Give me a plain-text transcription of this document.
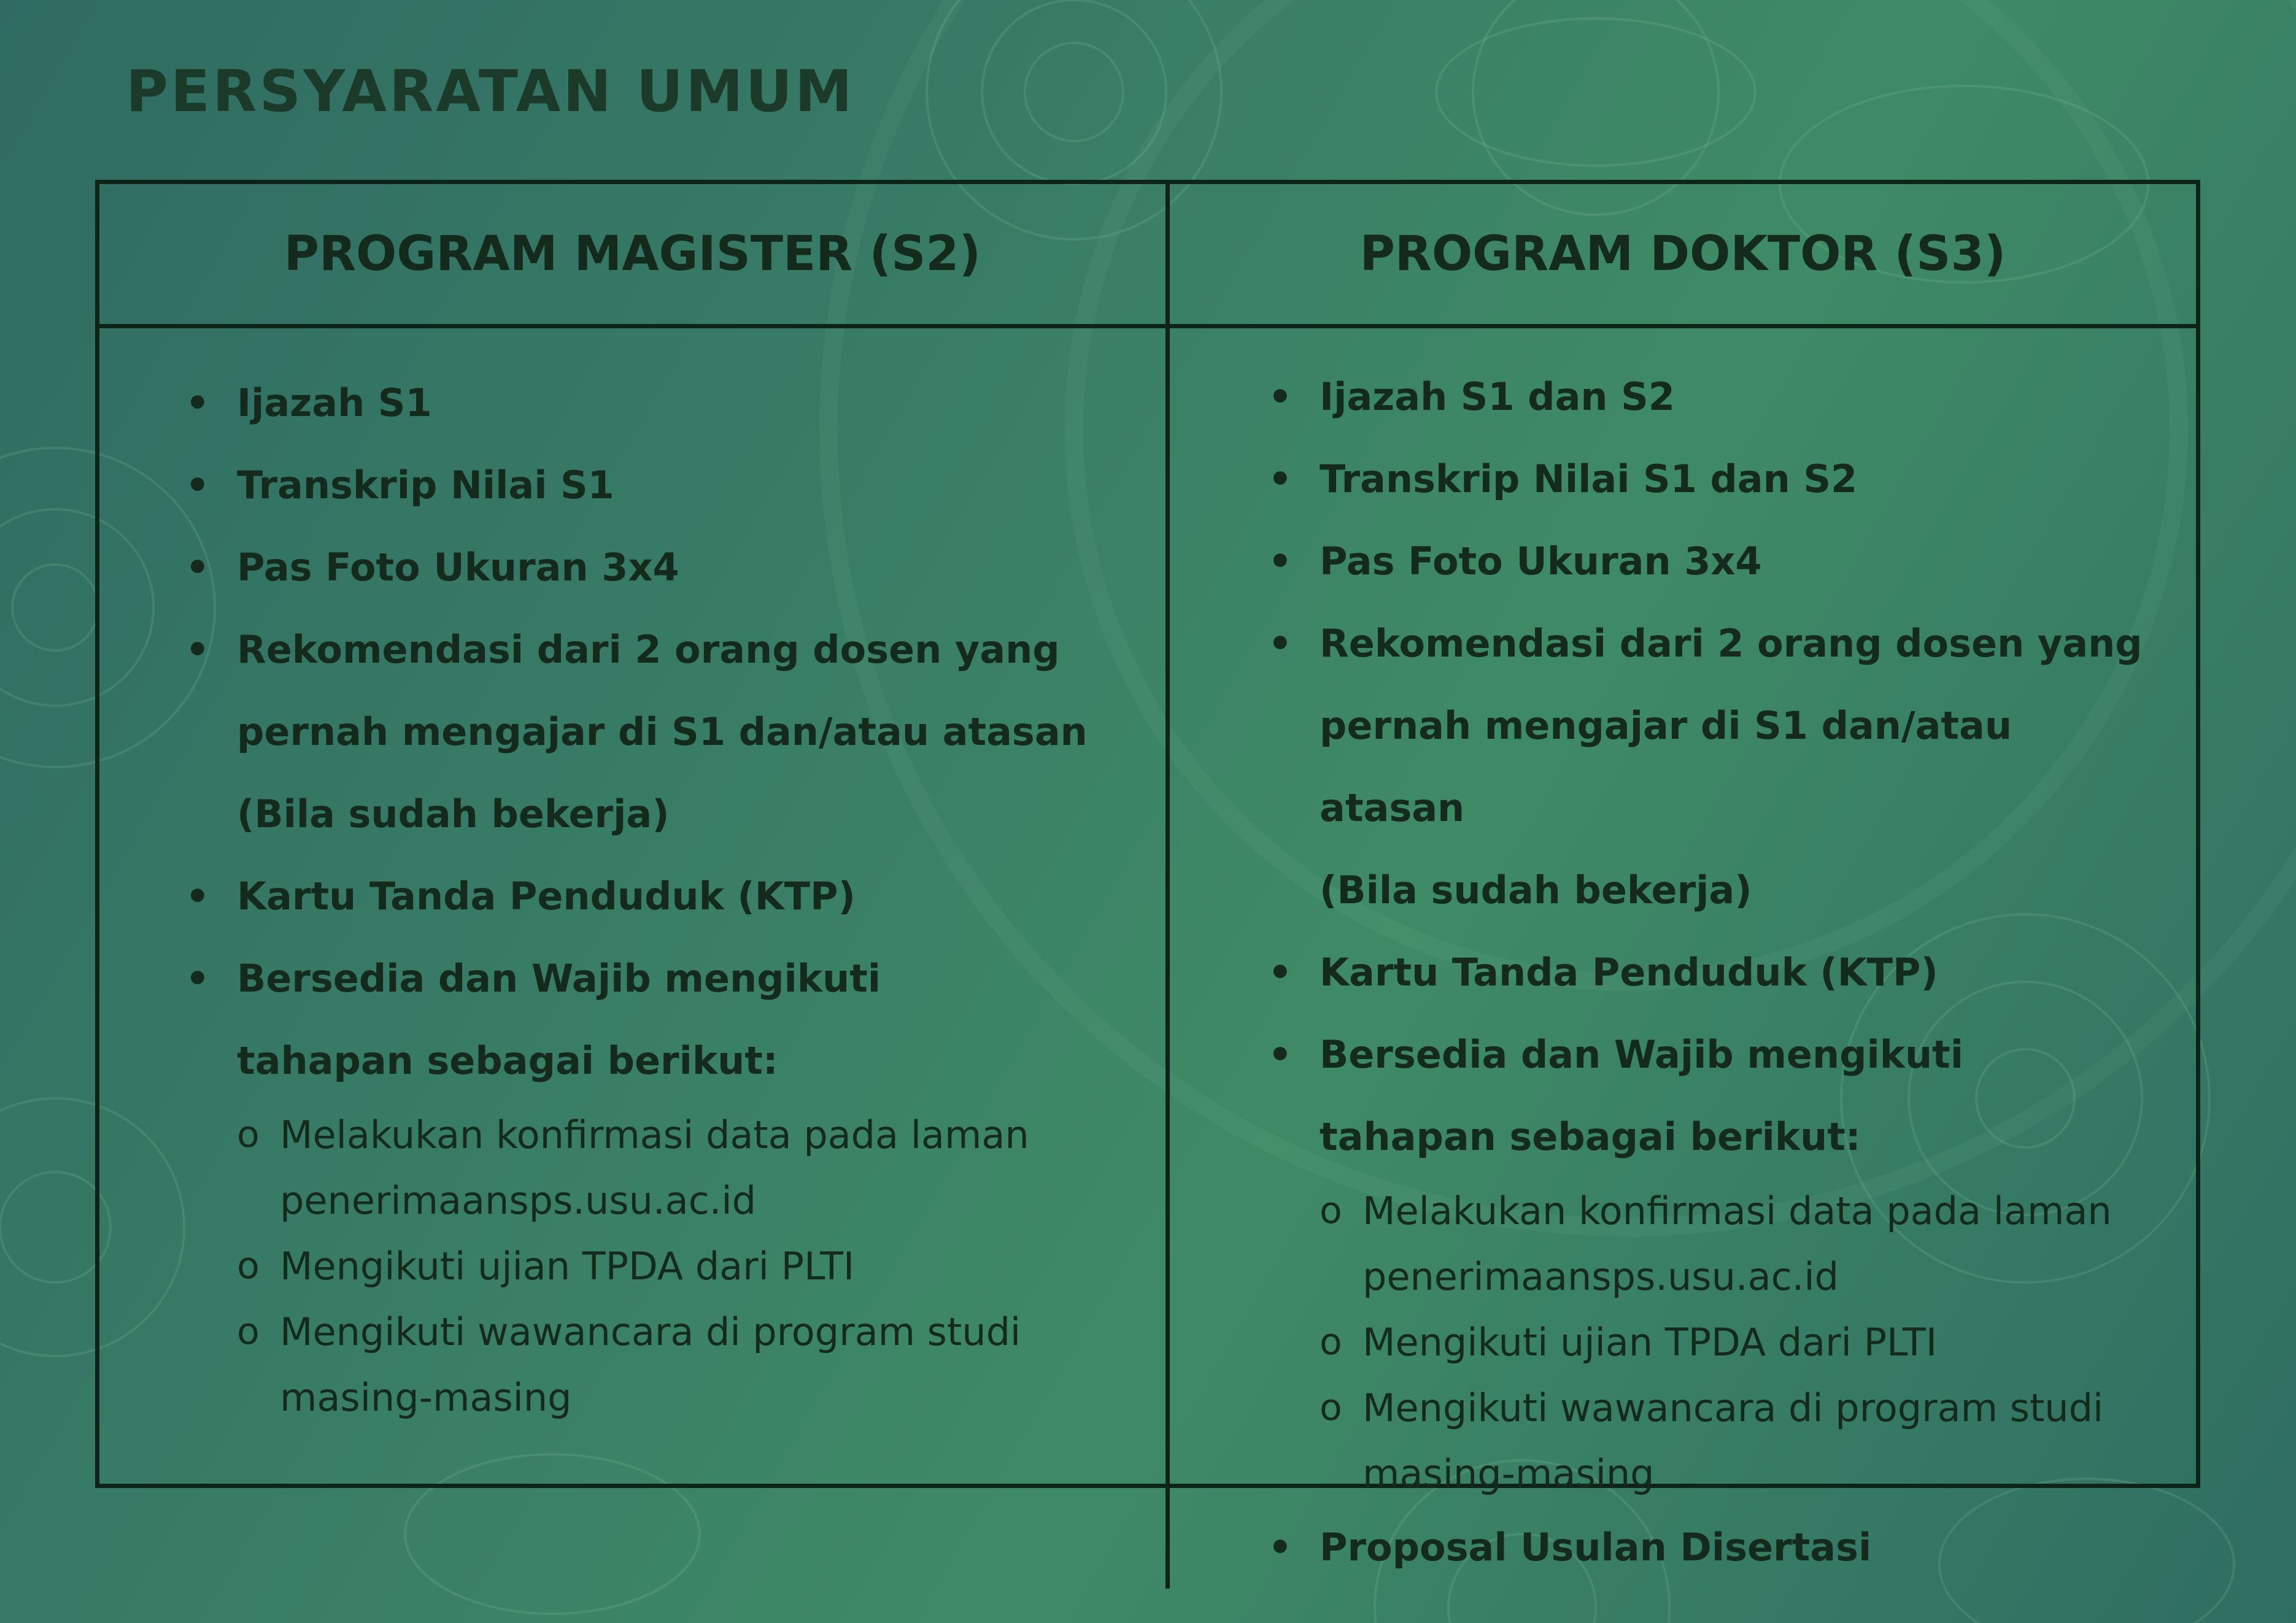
PERSYARATAN UMUM
PROGRAM MAGISTER (S2)	PROGRAM DOKTOR (S3)
• Ijazah S1
• Transkrip Nilai S1
• Pas Foto Ukuran 3x4
• Rekomendasi dari 2 orang dosen yang
pernah mengajar di S1 dan/atau atasan
(Bila sudah bekerja)
• Kartu Tanda Penduduk (KTP)
• Bersedia dan Wajib mengikuti
tahapan sebagai berikut:
o Melakukan konfirmasi data pada laman
penerimaansps.usu.ac.id
o Mengikuti ujian TPDA dari PLTI
o Mengikuti wawancara di program studi
masing-masing
• Ijazah S1 dan S2
• Transkrip Nilai S1 dan S2
• Pas Foto Ukuran 3x4
• Rekomendasi dari 2 orang dosen yang
pernah mengajar di S1 dan/atau atasan
(Bila sudah bekerja)
• Kartu Tanda Penduduk (KTP)
• Bersedia dan Wajib mengikuti
tahapan sebagai berikut:
o Melakukan konfirmasi data pada laman
penerimaansps.usu.ac.id
o Mengikuti ujian TPDA dari PLTI
o Mengikuti wawancara di program studi
masing-masing
• Proposal Usulan Disertasi
